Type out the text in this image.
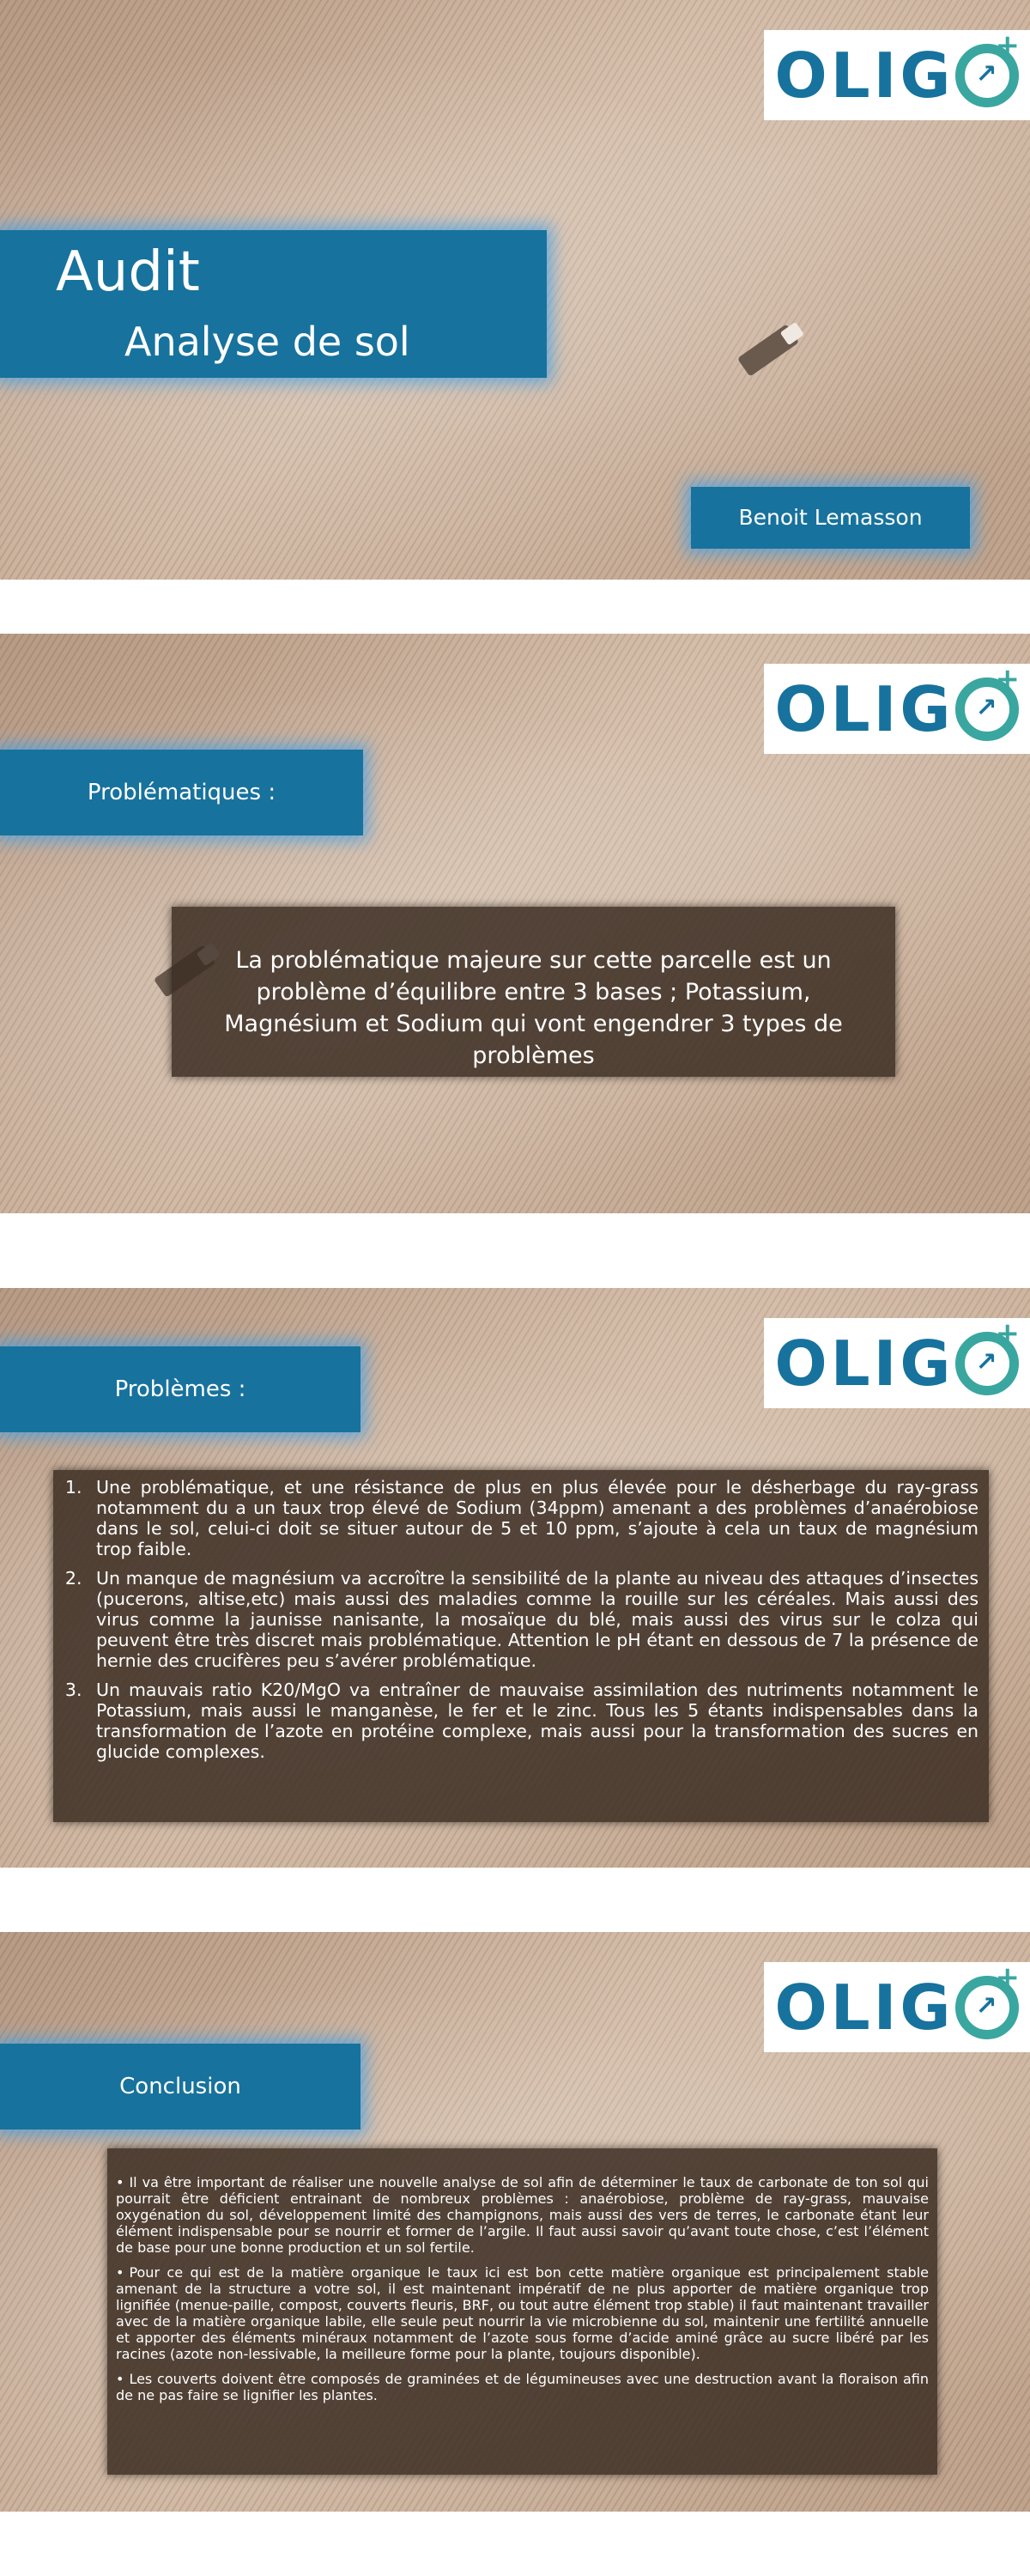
OLIG ↗
+
Audit
Analyse de sol
Benoit Lemasson
OLIG ↗
+
Problématiques :
La problématique majeure sur cette parcelle est un problème d’équilibre entre 3 bases ; Potassium, Magnésium et Sodium qui vont engendrer 3 types de problèmes
OLIG ↗
+
Problèmes :
1. Une problématique, et une résistance de plus en plus élevée pour le désherbage du ray-grass notamment du a un taux trop élevé de Sodium (34ppm) amenant a des problèmes d’anaérobiose dans le sol, celui-ci doit se situer autour de 5 et 10 ppm, s’ajoute à cela un taux de magnésium trop faible.
2. Un manque de magnésium va accroître la sensibilité de la plante au niveau des attaques d’insectes (pucerons, altise,etc) mais aussi des maladies comme la rouille sur les céréales. Mais aussi des virus comme la jaunisse nanisante, la mosaïque du blé, mais aussi des virus sur le colza qui peuvent être très discret mais problématique. Attention le pH étant en dessous de 7 la présence de hernie des crucifères peu s’avérer problématique.
3. Un mauvais ratio K20/MgO va entraîner de mauvaise assimilation des nutriments notamment le Potassium, mais aussi le manganèse, le fer et le zinc. Tous les 5 étants indispensables dans la transformation de l’azote en protéine complexe, mais aussi pour la transformation des sucres en glucide complexes.
OLIG ↗
+
Conclusion
• Il va être important de réaliser une nouvelle analyse de sol afin de déterminer le taux de carbonate de ton sol qui pourrait être déficient entrainant de nombreux problèmes : anaérobiose, problème de ray-grass, mauvaise oxygénation du sol, développement limité des champignons, mais aussi des vers de terres, le carbonate étant leur élément indispensable pour se nourrir et former de l’argile. Il faut aussi savoir qu’avant toute chose, c’est l’élément de base pour une bonne production et un sol fertile.
• Pour ce qui est de la matière organique le taux ici est bon cette matière organique est principalement stable amenant de la structure a votre sol, il est maintenant impératif de ne plus apporter de matière organique trop lignifiée (menue-paille, compost, couverts fleuris, BRF, ou tout autre élément trop stable) il faut maintenant travailler avec de la matière organique labile, elle seule peut nourrir la vie microbienne du sol, maintenir une fertilité annuelle et apporter des éléments minéraux notamment de l’azote sous forme d’acide aminé grâce au sucre libéré par les racines (azote non-lessivable, la meilleure forme pour la plante, toujours disponible).
• Les couverts doivent être composés de graminées et de légumineuses avec une destruction avant la floraison afin de ne pas faire se lignifier les plantes.
